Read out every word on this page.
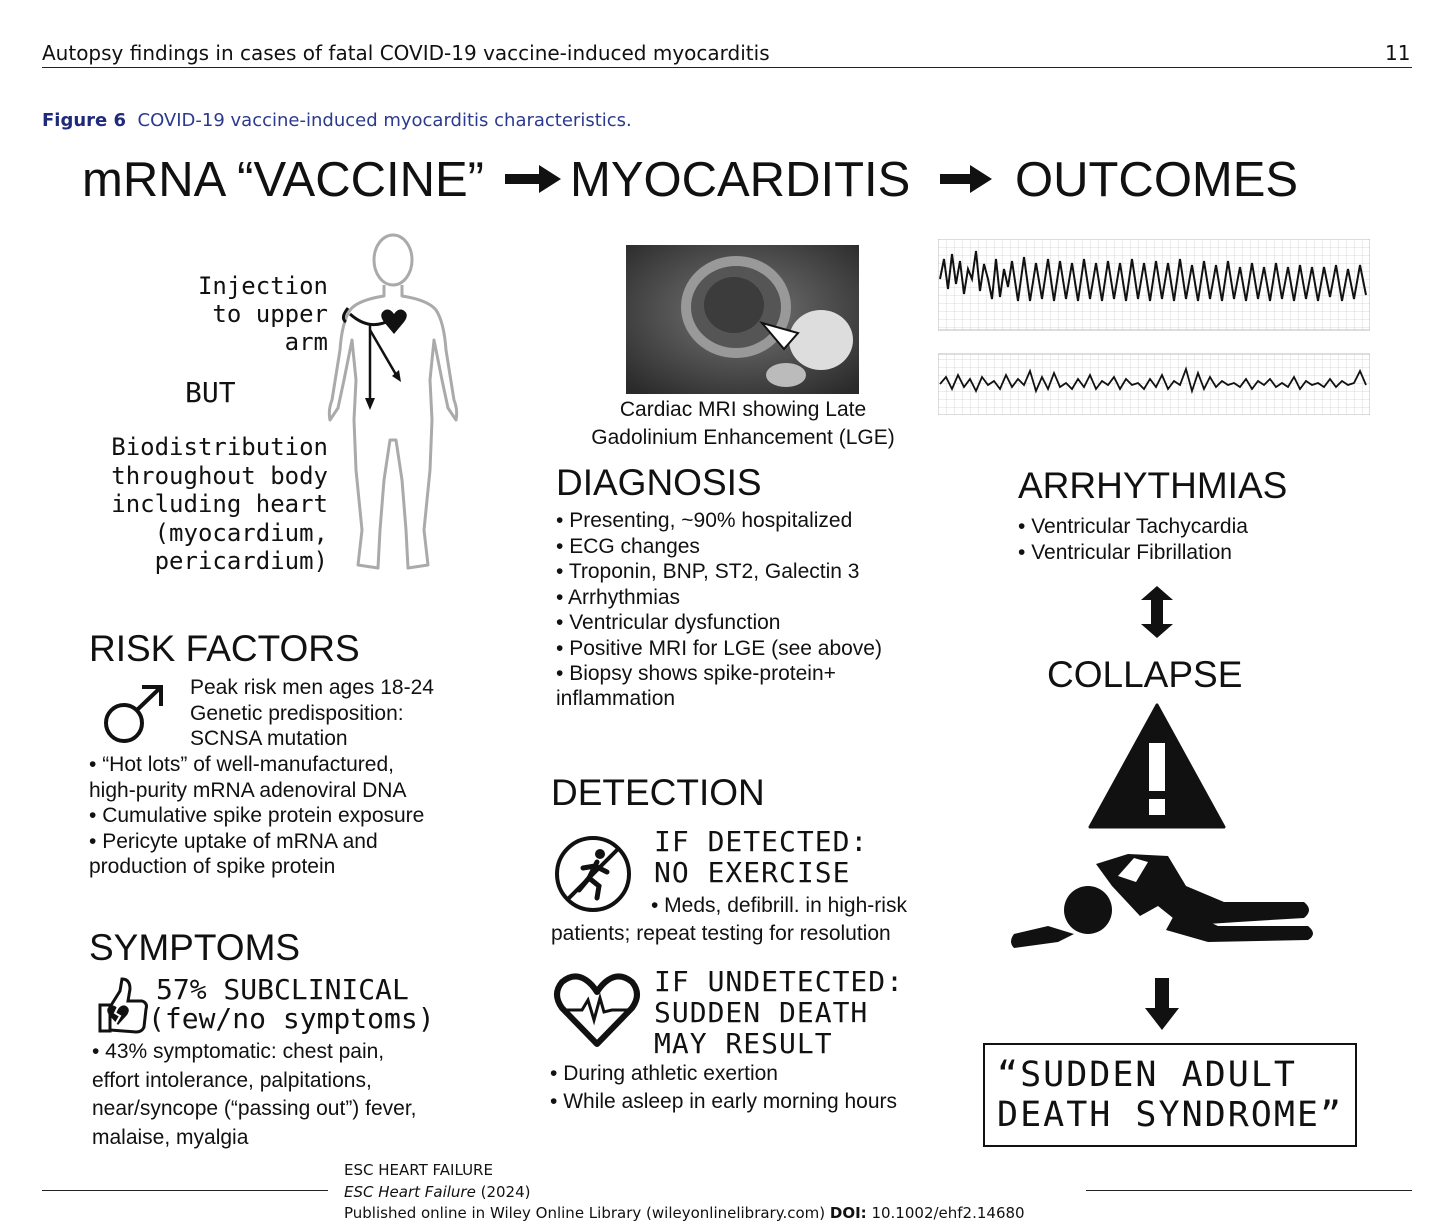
Autopsy findings in cases of fatal COVID-19 vaccine-induced myocarditis	11
Figure 6 COVID-19 vaccine-induced myocarditis characteristics.
mRNA “VACCINE” MYOCARDITIS OUTCOMES
Injection
to upper
arm
BUT
Biodistribution
throughout body
including heart
(myocardium,
pericardium)
Cardiac MRI showing Late
Gadolinium Enhancement (LGE)
DIAGNOSIS
• Presenting, ~90% hospitalized
• ECG changes
• Troponin, BNP, ST2, Galectin 3
• Arrhythmias
• Ventricular dysfunction
• Positive MRI for LGE (see above)
• Biopsy shows spike-protein+
inflammation
RISK FACTORS
Peak risk men ages 18-24
Genetic predisposition:
SCNSA mutation
• “Hot lots” of well-manufactured,
high-purity mRNA adenoviral DNA
• Cumulative spike protein exposure
• Pericyte uptake of mRNA and
production of spike protein
SYMPTOMS
57% SUBCLINICAL
(few/no symptoms)
• 43% symptomatic: chest pain,
effort intolerance, palpitations,
near/syncope (“passing out”) fever,
malaise, myalgia
DETECTION
IF DETECTED:
NO EXERCISE
• Meds, defibrill. in high-risk
patients; repeat testing for resolution
IF UNDETECTED:
SUDDEN DEATH
MAY RESULT
• During athletic exertion
• While asleep in early morning hours
ARRHYTHMIAS
• Ventricular Tachycardia
• Ventricular Fibrillation
COLLAPSE
“SUDDEN ADULT
DEATH SYNDROME”
ESC HEART FAILURE
ESC Heart Failure (2024)
Published online in Wiley Online Library (wileyonlinelibrary.com) DOI: 10.1002/ehf2.14680
